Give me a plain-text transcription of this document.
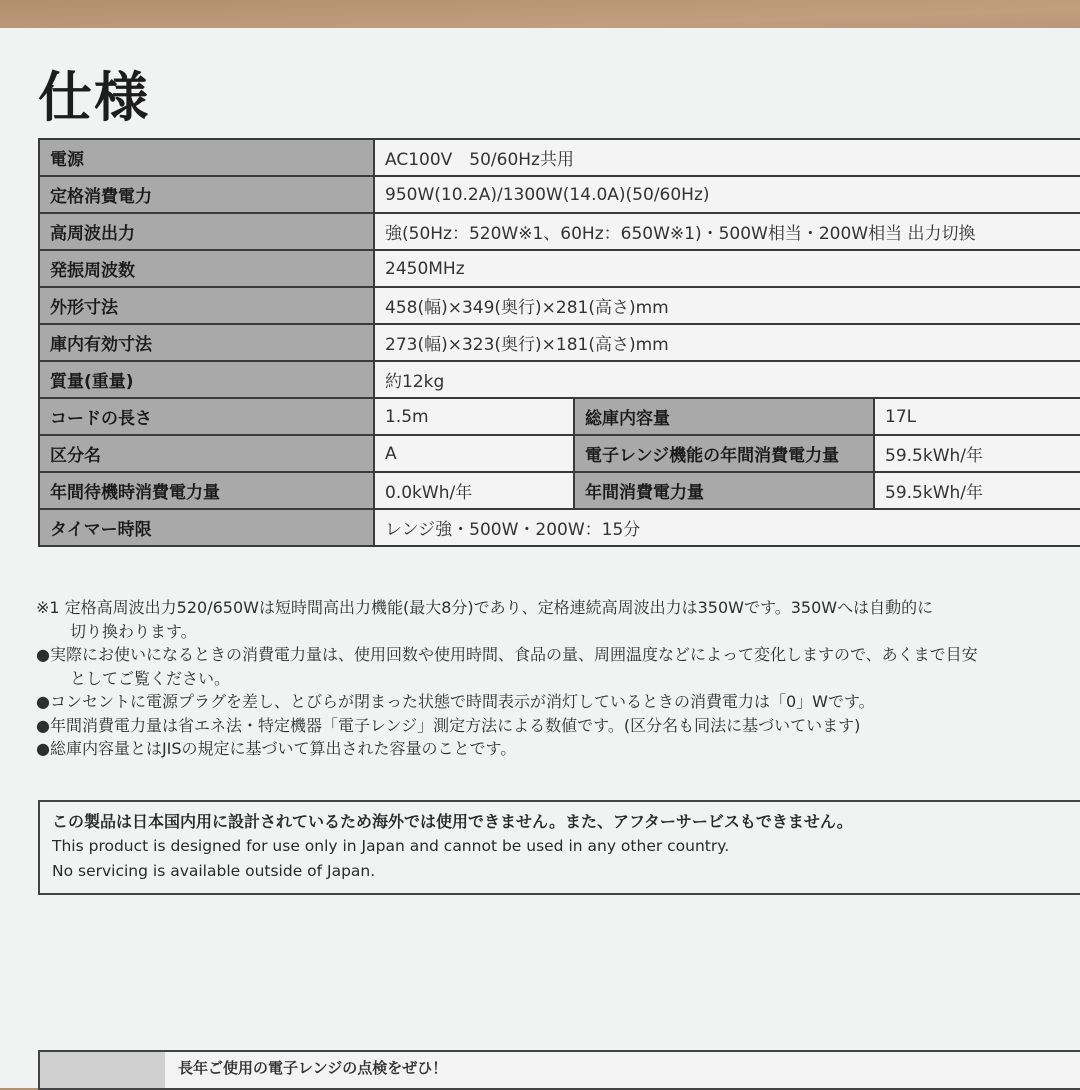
仕様
電源	AC100V　50/60Hz共用		
定格消費電力	950W(10.2A)/1300W(14.0A)(50/60Hz)		
高周波出力	強(50Hz：520W※1、60Hz：650W※1)・500W相当・200W相当 出力切換		
発振周波数	2450MHz		
外形寸法	458(幅)×349(奥行)×281(高さ)mm		
庫内有効寸法	273(幅)×323(奥行)×181(高さ)mm		
質量(重量)	約12kg		
コードの長さ	1.5m	総庫内容量	17L
区分名	A	電子レンジ機能の年間消費電力量	59.5kWh/年
年間待機時消費電力量	0.0kWh/年	年間消費電力量	59.5kWh/年
タイマー時限	レンジ強・500W・200W：15分		
※1 定格高周波出力520/650Wは短時間高出力機能(最大8分)であり、定格連続高周波出力は350Wです。350Wへは自動的に
切り換わります。
●実際にお使いになるときの消費電力量は、使用回数や使用時間、食品の量、周囲温度などによって変化しますので、あくまで目安
としてご覧ください。
●コンセントに電源プラグを差し、とびらが閉まった状態で時間表示が消灯しているときの消費電力は「0」Wです。
●年間消費電力量は省エネ法・特定機器「電子レンジ」測定方法による数値です。(区分名も同法に基づいています)
●総庫内容量とはJISの規定に基づいて算出された容量のことです。
この製品は日本国内用に設計されているため海外では使用できません。また、アフターサービスもできません。
This product is designed for use only in Japan and cannot be used in any other country.
No servicing is available outside of Japan.
長年ご使用の電子レンジの点検をぜひ！
